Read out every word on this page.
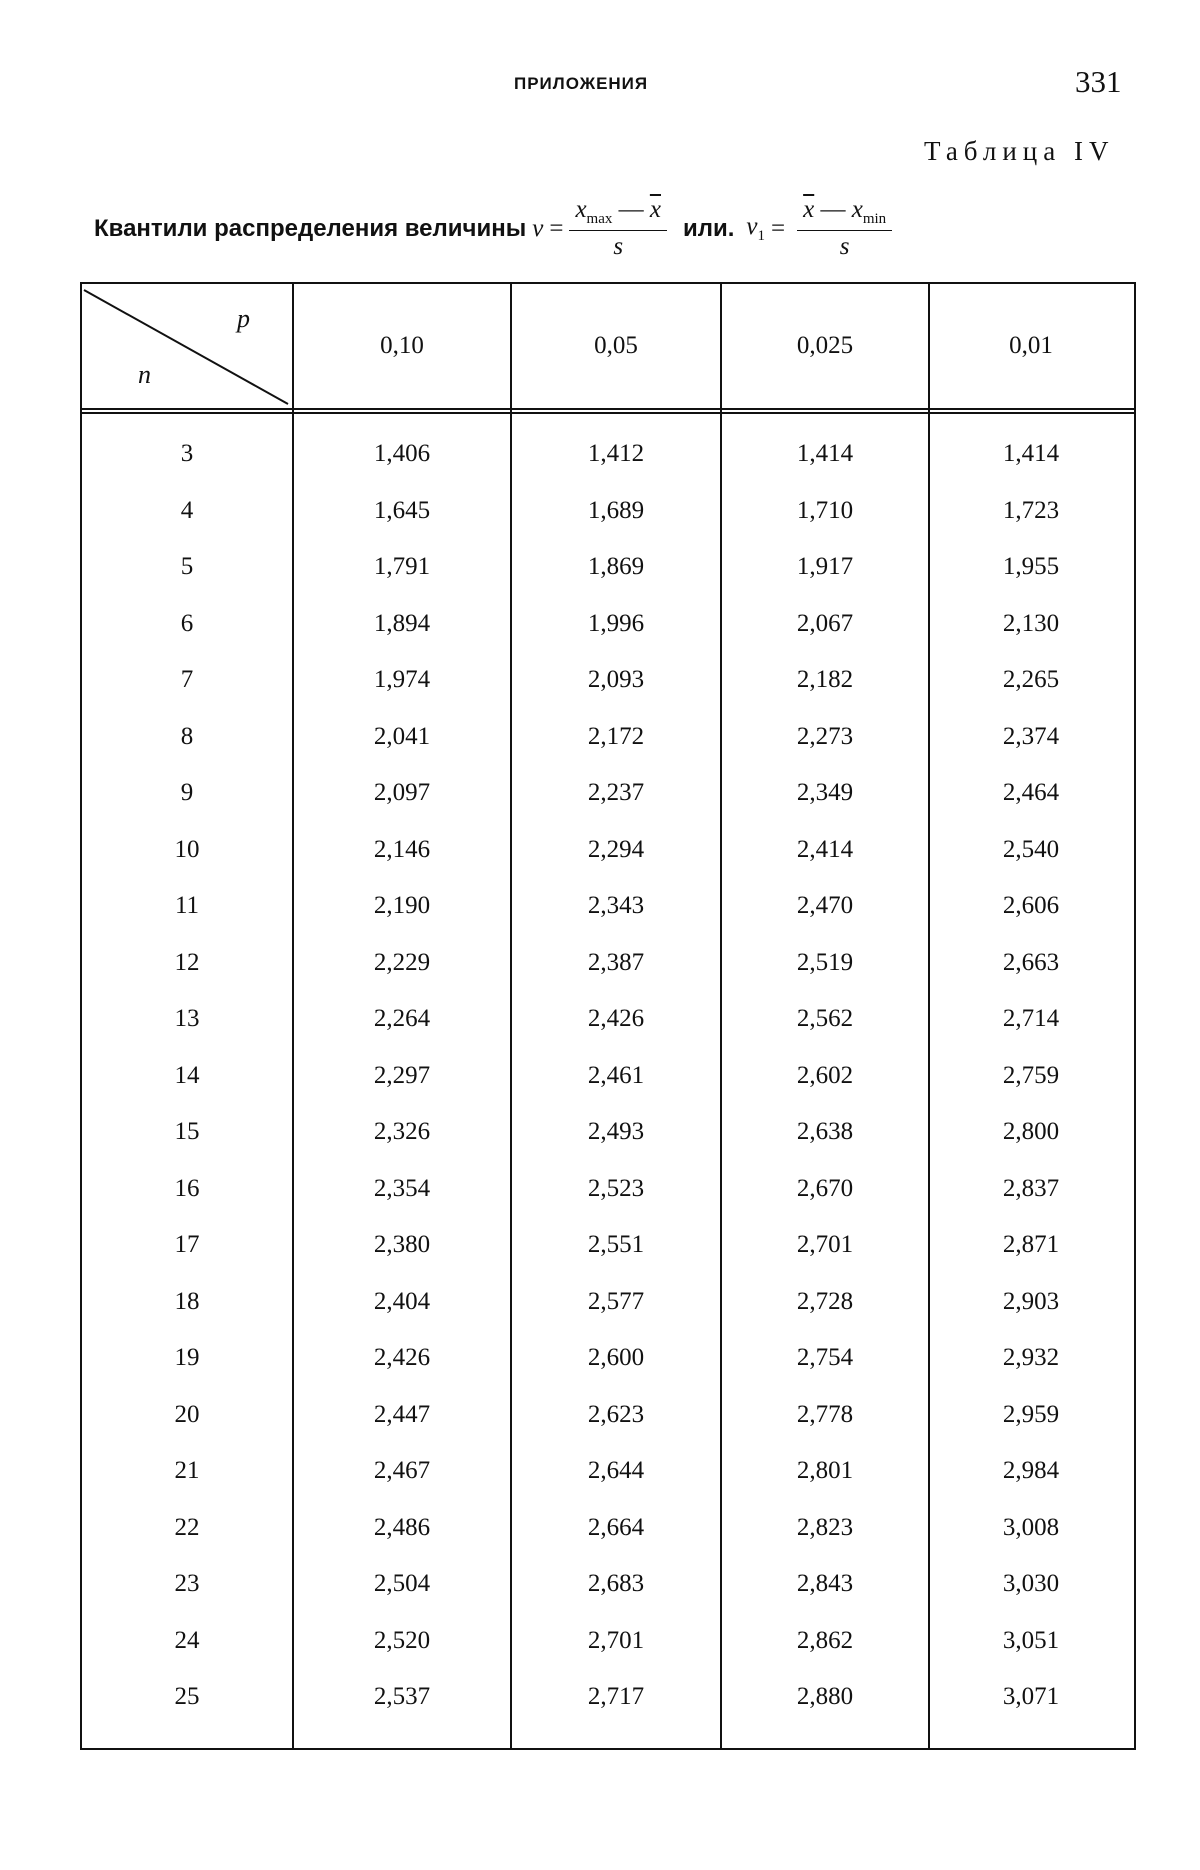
ПРИЛОЖЕНИЯ	331
Таблица IV
Квантили распределения величины $v = \frac{x_{max} — \overline{x}}{s}$ или. $v_1 = \frac{\overline{x} — x_{min}}{s}$
p
n
0,10	0,05	0,025	0,01
3	1,406	1,412	1,414	1,414
4	1,645	1,689	1,710	1,723
5	1,791	1,869	1,917	1,955
6	1,894	1,996	2,067	2,130
7	1,974	2,093	2,182	2,265
8	2,041	2,172	2,273	2,374
9	2,097	2,237	2,349	2,464
10	2,146	2,294	2,414	2,540
11	2,190	2,343	2,470	2,606
12	2,229	2,387	2,519	2,663
13	2,264	2,426	2,562	2,714
14	2,297	2,461	2,602	2,759
15	2,326	2,493	2,638	2,800
16	2,354	2,523	2,670	2,837
17	2,380	2,551	2,701	2,871
18	2,404	2,577	2,728	2,903
19	2,426	2,600	2,754	2,932
20	2,447	2,623	2,778	2,959
21	2,467	2,644	2,801	2,984
22	2,486	2,664	2,823	3,008
23	2,504	2,683	2,843	3,030
24	2,520	2,701	2,862	3,051
25	2,537	2,717	2,880	3,071
